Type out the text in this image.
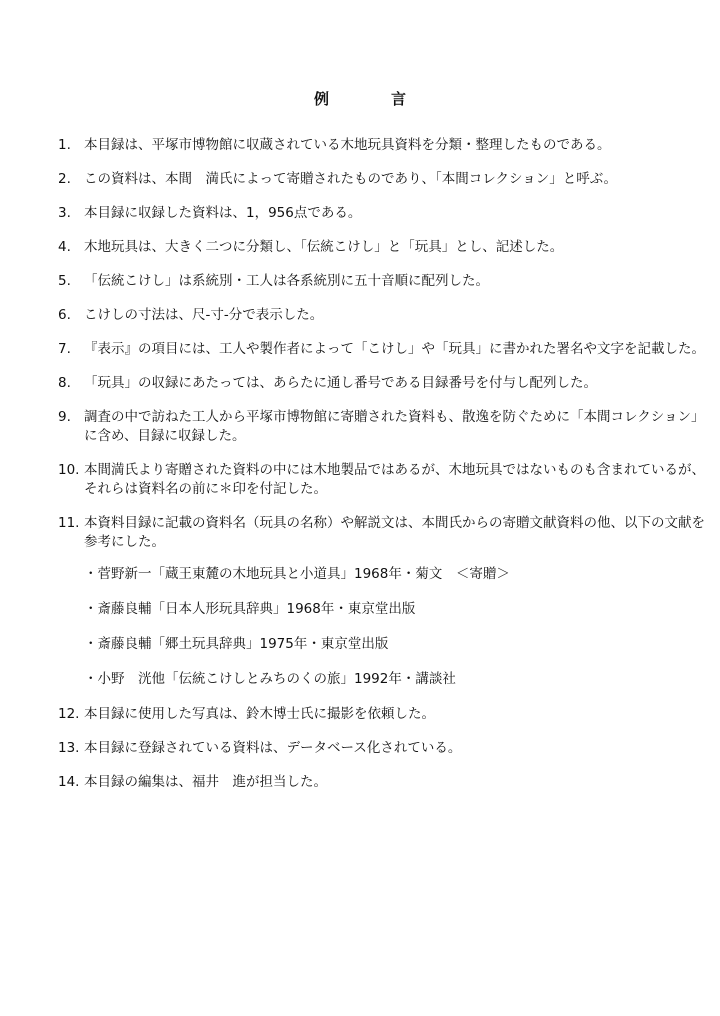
例言
1. 本目録は、平塚市博物館に収蔵されている木地玩具資料を分類・整理したものである。
2. この資料は、本間　満氏によって寄贈されたものであり、「本間コレクション」と呼ぶ。
3. 本目録に収録した資料は、1，956点である。
4. 木地玩具は、大きく二つに分類し、「伝統こけし」と「玩具」とし、記述した。
5. 「伝統こけし」は系統別・工人は各系統別に五十音順に配列した。
6. こけしの寸法は、尺-寸-分で表示した。
7. 『表示』の項目には、工人や製作者によって「こけし」や「玩具」に書かれた署名や文字を記載した。
8. 「玩具」の収録にあたっては、あらたに通し番号である目録番号を付与し配列した。
9. 調査の中で訪ねた工人から平塚市博物館に寄贈された資料も、散逸を防ぐために「本間コレクション」に含め、目録に収録した。
10. 本間満氏より寄贈された資料の中には木地製品ではあるが、木地玩具ではないものも含まれているが、それらは資料名の前に＊印を付記した。
11. 本資料目録に記載の資料名（玩具の名称）や解説文は、本間氏からの寄贈文献資料の他、以下の文献を参考にした。
・菅野新一「蔵王東麓の木地玩具と小道具」1968年・菊文　＜寄贈＞
・斎藤良輔「日本人形玩具辞典」1968年・東京堂出版
・斎藤良輔「郷土玩具辞典」1975年・東京堂出版
・小野　洸他「伝統こけしとみちのくの旅」1992年・講談社
12. 本目録に使用した写真は、鈴木博士氏に撮影を依頼した。
13. 本目録に登録されている資料は、データベース化されている。
14. 本目録の編集は、福井　進が担当した。
